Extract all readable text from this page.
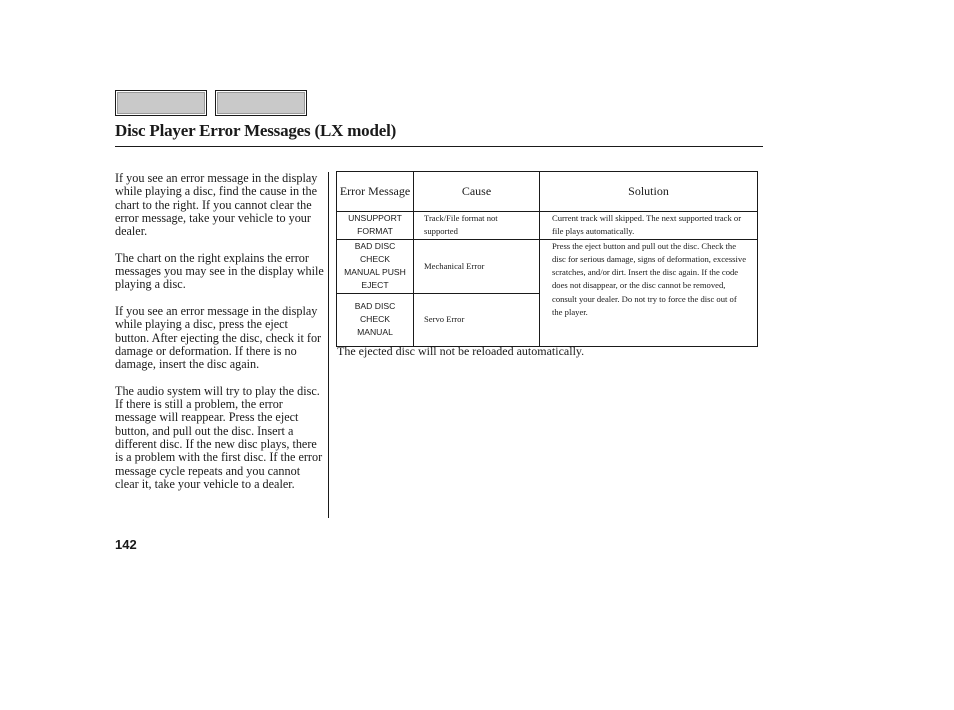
Disc Player Error Messages (LX model)

If you see an error message in the display while playing a disc, find the cause in the chart to the right. If you cannot clear the error message, take your vehicle to your dealer.

The chart on the right explains the error messages you may see in the display while playing a disc.

If you see an error message in the display while playing a disc, press the eject button. After ejecting the disc, check it for damage or deformation. If there is no damage, insert the disc again.

The audio system will try to play the disc. If there is still a problem, the error message will reappear. Press the eject button, and pull out the disc. Insert a different disc. If the new disc plays, there is a problem with the first disc. If the error message cycle repeats and you cannot clear it, take your vehicle to a dealer.

Error Message	Cause	Solution

UNSUPPORT FORMAT	Track/File format not supported	Current track will skipped. The next supported track or file plays automatically.

BAD DISC CHECK MANUAL PUSH EJECT	Mechanical Error	Press the eject button and pull out the disc. Check the disc for serious damage, signs of deformation, excessive scratches, and/or dirt. Insert the disc again. If the code does not disappear, or the disc cannot be removed, consult your dealer. Do not try to force the disc out of the player.

BAD DISC CHECK MANUAL	Servo Error	
The ejected disc will not be reloaded automatically.
142
